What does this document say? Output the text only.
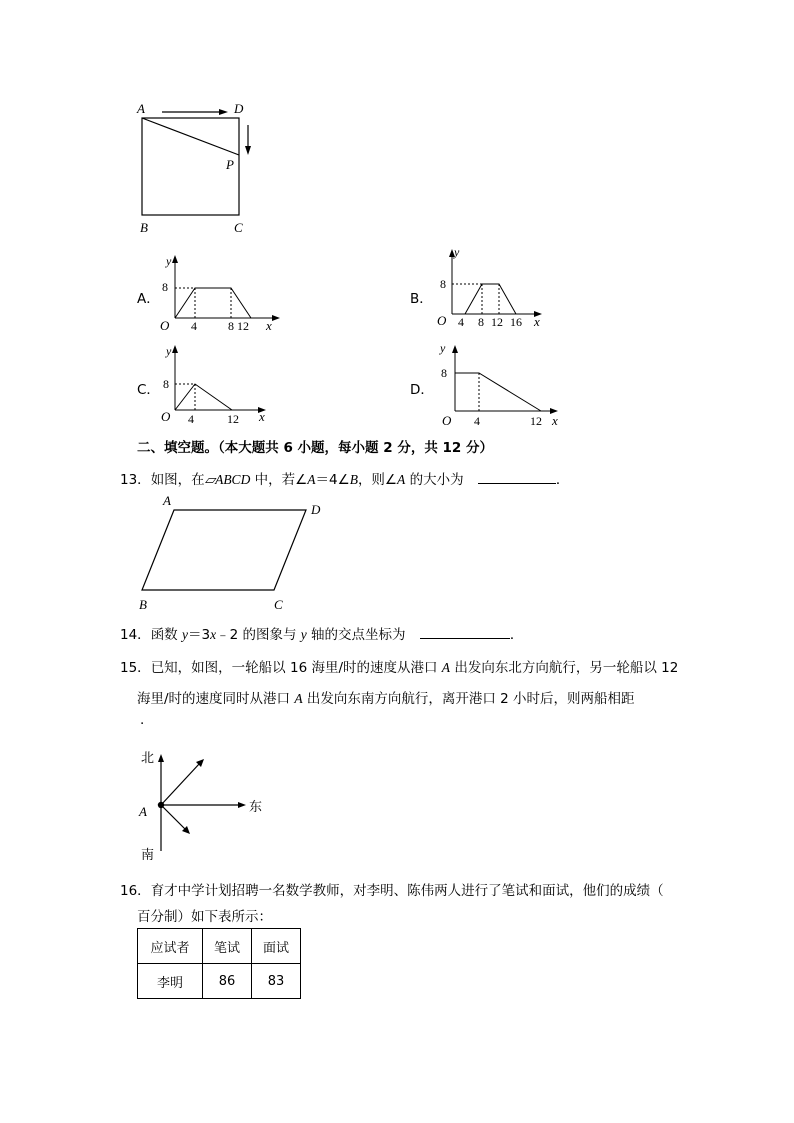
A	D
P
B	C
A．
y
8
O 4	8 12 x
B．
y
8
O 4 8 12 16 x
C．
y
8
O 4	12 x
D．
y
8
O 4	12 x
二、填空题。（本大题共 6 小题，每小题 2 分，共 12 分）
13．如图，在▱ABCD 中，若∠A＝4∠B，则∠A 的大小为	．
A
D
B	C
14．函数 y＝3x﹣2 的图象与 y 轴的交点坐标为	．
15．已知，如图，一轮船以 16 海里/时的速度从港口 A 出发向东北方向航行，另一轮船以 12
海里/时的速度同时从港口 A 出发向东南方向航行，离开港口 2 小时后，则两船相距
.
北
南
东
A
16．育才中学计划招聘一名数学教师，对李明、陈伟两人进行了笔试和面试，他们的成绩（
百分制）如下表所示：
应试者	笔试	面试
李明	86	83
